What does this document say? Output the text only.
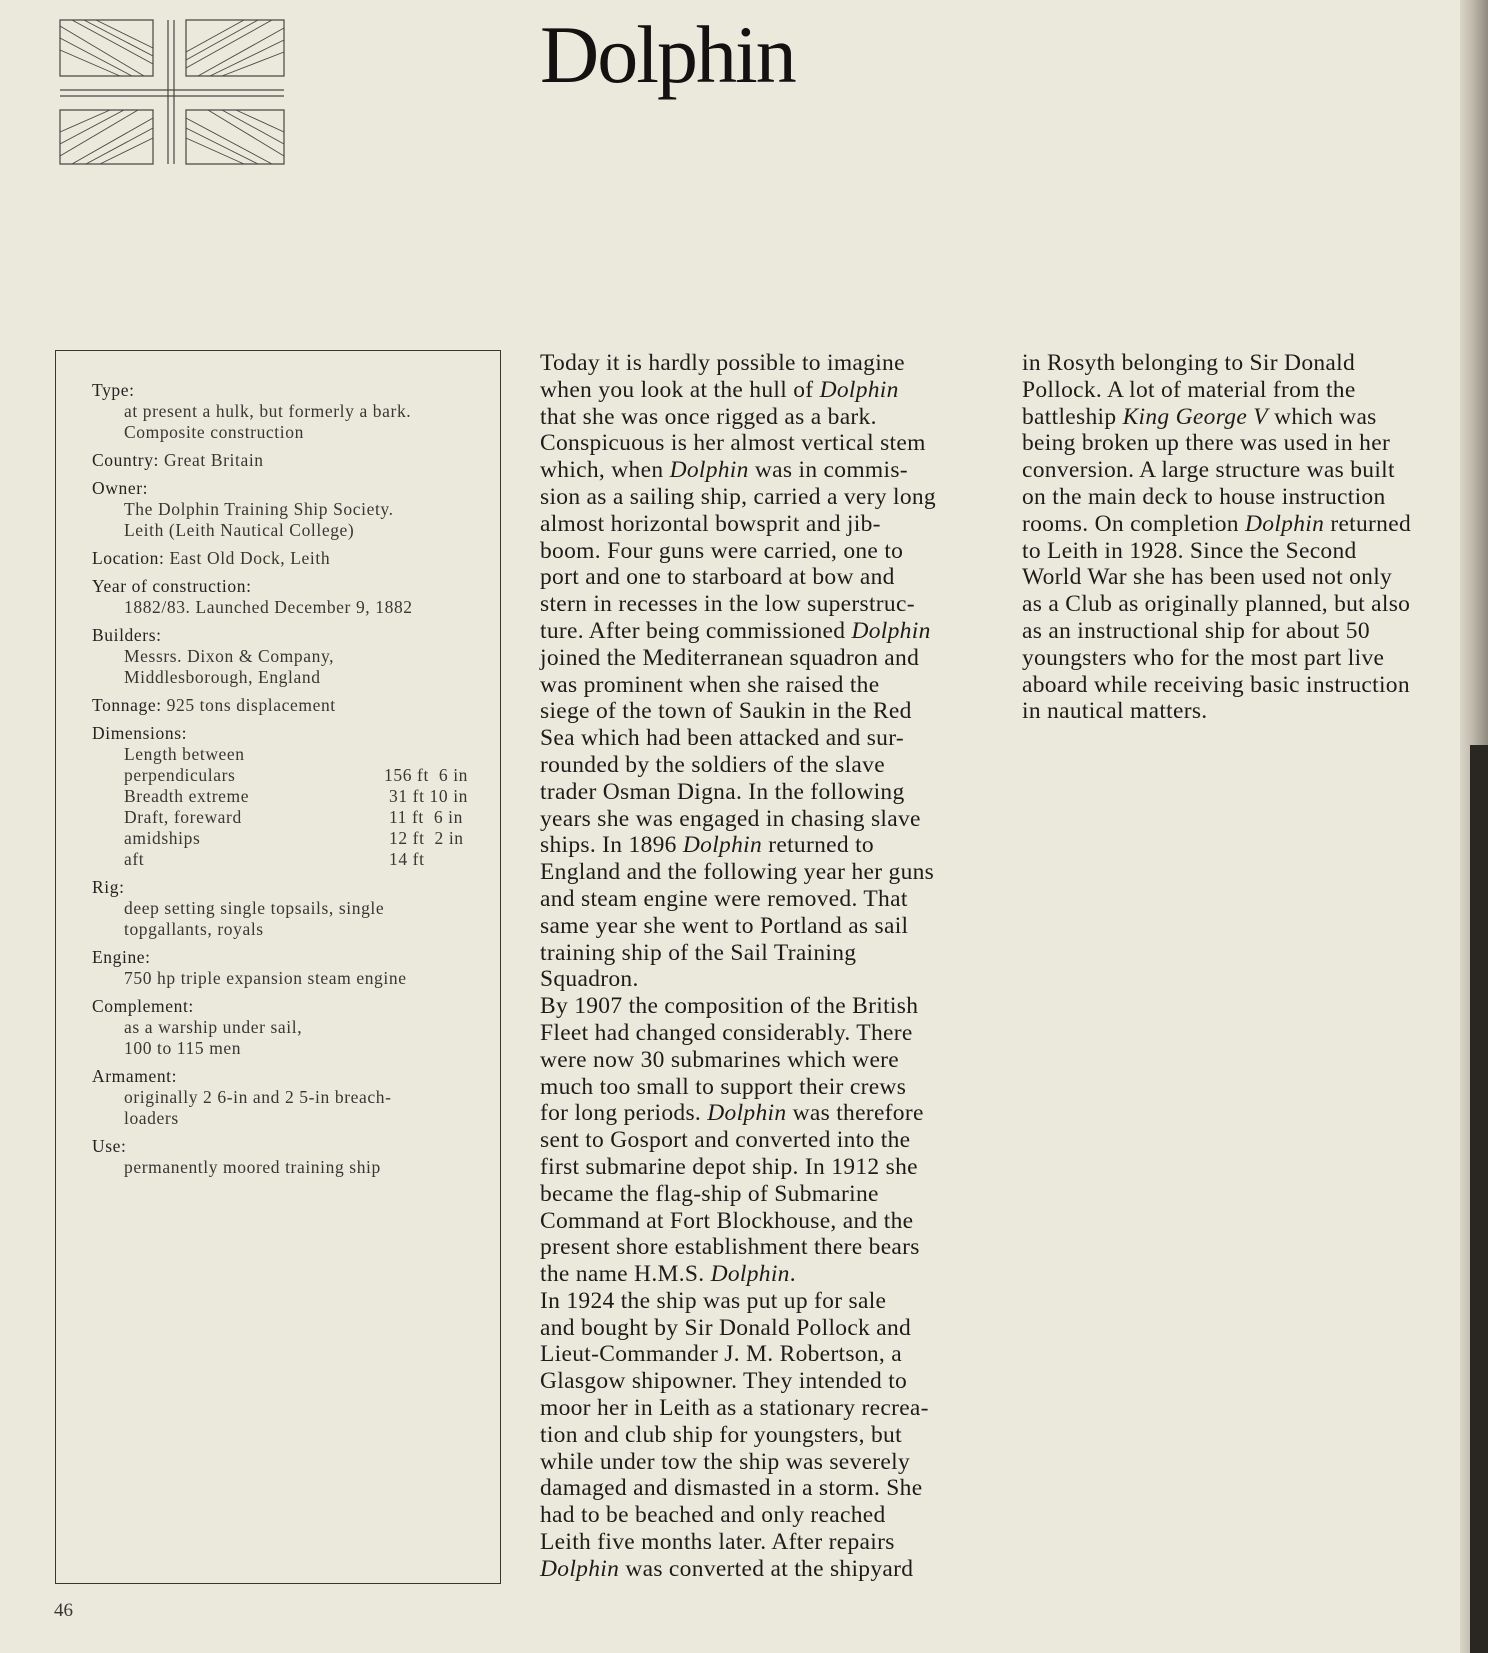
Dolphin
Type:
at present a hulk, but formerly a bark.
Composite construction
Country: Great Britain
Owner:
The Dolphin Training Ship Society.
Leith (Leith Nautical College)
Location: East Old Dock, Leith
Year of construction:
1882/83. Launched December 9, 1882
Builders:
Messrs. Dixon & Company,
Middlesborough, England
Tonnage: 925 tons displacement
Dimensions:
Length between
perpendiculars	156 ft  6 in
Breadth extreme	31 ft 10 in
Draft, foreward	11 ft  6 in
amidships	12 ft  2 in
aft	14 ft
Rig:
deep setting single topsails, single
topgallants, royals
Engine:
750 hp triple expansion steam engine
Complement:
as a warship under sail,
100 to 115 men
Armament:
originally 2 6-in and 2 5-in breach-
loaders
Use:
permanently moored training ship
Today it is hardly possible to imagine
when you look at the hull of Dolphin
that she was once rigged as a bark.
Conspicuous is her almost vertical stem
which, when Dolphin was in commis-
sion as a sailing ship, carried a very long
almost horizontal bowsprit and jib-
boom. Four guns were carried, one to
port and one to starboard at bow and
stern in recesses in the low superstruc-
ture. After being commissioned Dolphin
joined the Mediterranean squadron and
was prominent when she raised the
siege of the town of Saukin in the Red
Sea which had been attacked and sur-
rounded by the soldiers of the slave
trader Osman Digna. In the following
years she was engaged in chasing slave
ships. In 1896 Dolphin returned to
England and the following year her guns
and steam engine were removed. That
same year she went to Portland as sail
training ship of the Sail Training
Squadron.
By 1907 the composition of the British
Fleet had changed considerably. There
were now 30 submarines which were
much too small to support their crews
for long periods. Dolphin was therefore
sent to Gosport and converted into the
first submarine depot ship. In 1912 she
became the flag-ship of Submarine
Command at Fort Blockhouse, and the
present shore establishment there bears
the name H.M.S. Dolphin.
In 1924 the ship was put up for sale
and bought by Sir Donald Pollock and
Lieut-Commander J. M. Robertson, a
Glasgow shipowner. They intended to
moor her in Leith as a stationary recrea-
tion and club ship for youngsters, but
while under tow the ship was severely
damaged and dismasted in a storm. She
had to be beached and only reached
Leith five months later. After repairs
Dolphin was converted at the shipyard
in Rosyth belonging to Sir Donald
Pollock. A lot of material from the
battleship King George V which was
being broken up there was used in her
conversion. A large structure was built
on the main deck to house instruction
rooms. On completion Dolphin returned
to Leith in 1928. Since the Second
World War she has been used not only
as a Club as originally planned, but also
as an instructional ship for about 50
youngsters who for the most part live
aboard while receiving basic instruction
in nautical matters.
46
